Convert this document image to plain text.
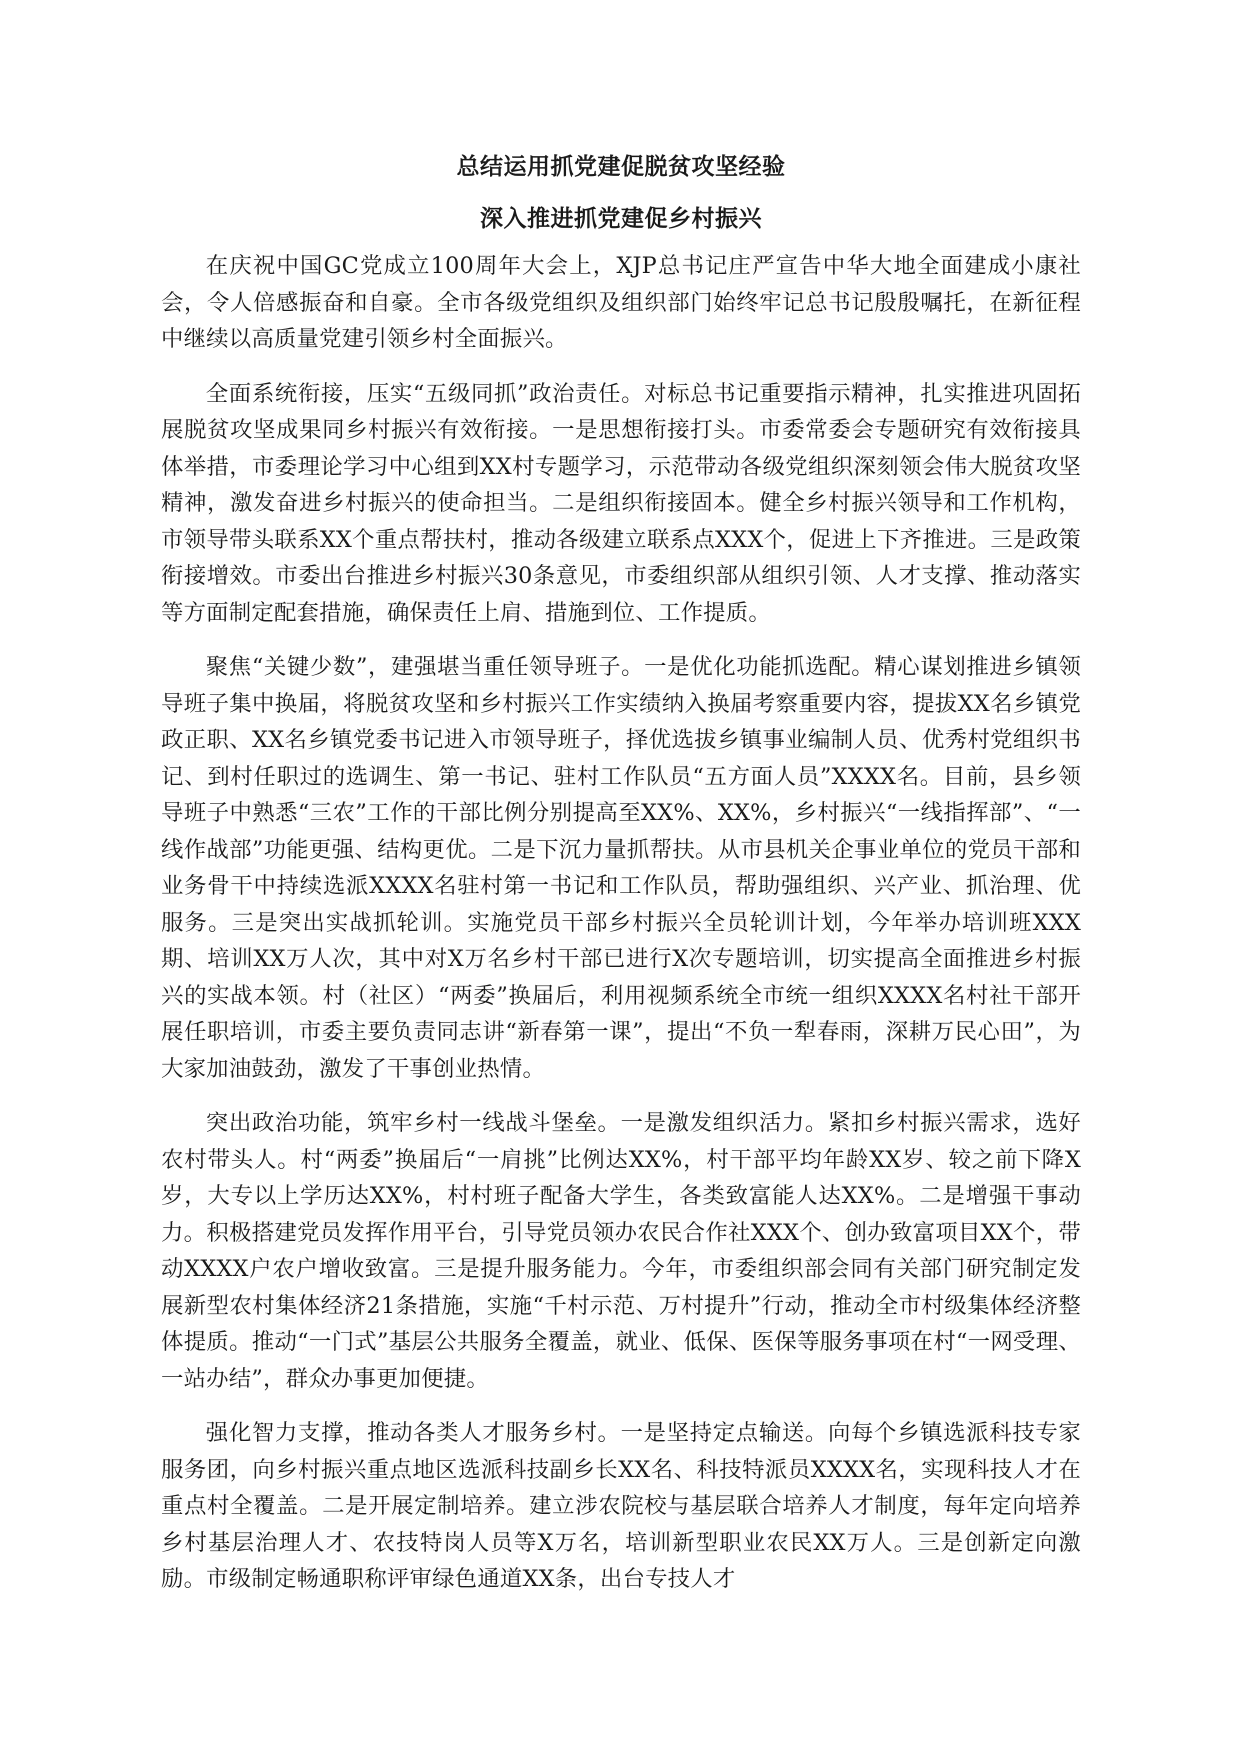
总结运用抓党建促脱贫攻坚经验
深入推进抓党建促乡村振兴

在庆祝中国GC党成立100周年大会上，XJP总书记庄严宣告中华大地全面建成小康社会，令人倍感振奋和自豪。全市各级党组织及组织部门始终牢记总书记殷殷嘱托，在新征程中继续以高质量党建引领乡村全面振兴。

全面系统衔接，压实“五级同抓”政治责任。对标总书记重要指示精神，扎实推进巩固拓展脱贫攻坚成果同乡村振兴有效衔接。一是思想衔接打头。市委常委会专题研究有效衔接具体举措，市委理论学习中心组到XX村专题学习，示范带动各级党组织深刻领会伟大脱贫攻坚精神，激发奋进乡村振兴的使命担当。二是组织衔接固本。健全乡村振兴领导和工作机构，市领导带头联系XX个重点帮扶村，推动各级建立联系点XXX个，促进上下齐推进。三是政策衔接增效。市委出台推进乡村振兴30条意见，市委组织部从组织引领、人才支撑、推动落实等方面制定配套措施，确保责任上肩、措施到位、工作提质。

聚焦“关键少数”，建强堪当重任领导班子。一是优化功能抓选配。精心谋划推进乡镇领导班子集中换届，将脱贫攻坚和乡村振兴工作实绩纳入换届考察重要内容，提拔XX名乡镇党政正职、XX名乡镇党委书记进入市领导班子，择优选拔乡镇事业编制人员、优秀村党组织书记、到村任职过的选调生、第一书记、驻村工作队员“五方面人员”XXXX名。目前，县乡领导班子中熟悉“三农”工作的干部比例分别提高至XX%、XX%，乡村振兴“一线指挥部”、“一线作战部”功能更强、结构更优。二是下沉力量抓帮扶。从市县机关企事业单位的党员干部和业务骨干中持续选派XXXX名驻村第一书记和工作队员，帮助强组织、兴产业、抓治理、优服务。三是突出实战抓轮训。实施党员干部乡村振兴全员轮训计划，今年举办培训班XXX期、培训XX万人次，其中对X万名乡村干部已进行X次专题培训，切实提高全面推进乡村振兴的实战本领。村（社区）“两委”换届后，利用视频系统全市统一组织XXXX名村社干部开展任职培训，市委主要负责同志讲“新春第一课”，提出“不负一犁春雨，深耕万民心田”，为大家加油鼓劲，激发了干事创业热情。

突出政治功能，筑牢乡村一线战斗堡垒。一是激发组织活力。紧扣乡村振兴需求，选好农村带头人。村“两委”换届后“一肩挑”比例达XX%，村干部平均年龄XX岁、较之前下降X岁，大专以上学历达XX%，村村班子配备大学生，各类致富能人达XX%。二是增强干事动力。积极搭建党员发挥作用平台，引导党员领办农民合作社XXX个、创办致富项目XX个，带动XXXX户农户增收致富。三是提升服务能力。今年，市委组织部会同有关部门研究制定发展新型农村集体经济21条措施，实施“千村示范、万村提升”行动，推动全市村级集体经济整体提质。推动“一门式”基层公共服务全覆盖，就业、低保、医保等服务事项在村“一网受理、一站办结”，群众办事更加便捷。

强化智力支撑，推动各类人才服务乡村。一是坚持定点输送。向每个乡镇选派科技专家服务团，向乡村振兴重点地区选派科技副乡长XX名、科技特派员XXXX名，实现科技人才在重点村全覆盖。二是开展定制培养。建立涉农院校与基层联合培养人才制度，每年定向培养乡村基层治理人才、农技特岗人员等X万名，培训新型职业农民XX万人。三是创新定向激励。市级制定畅通职称评审绿色通道XX条，出台专技人才
